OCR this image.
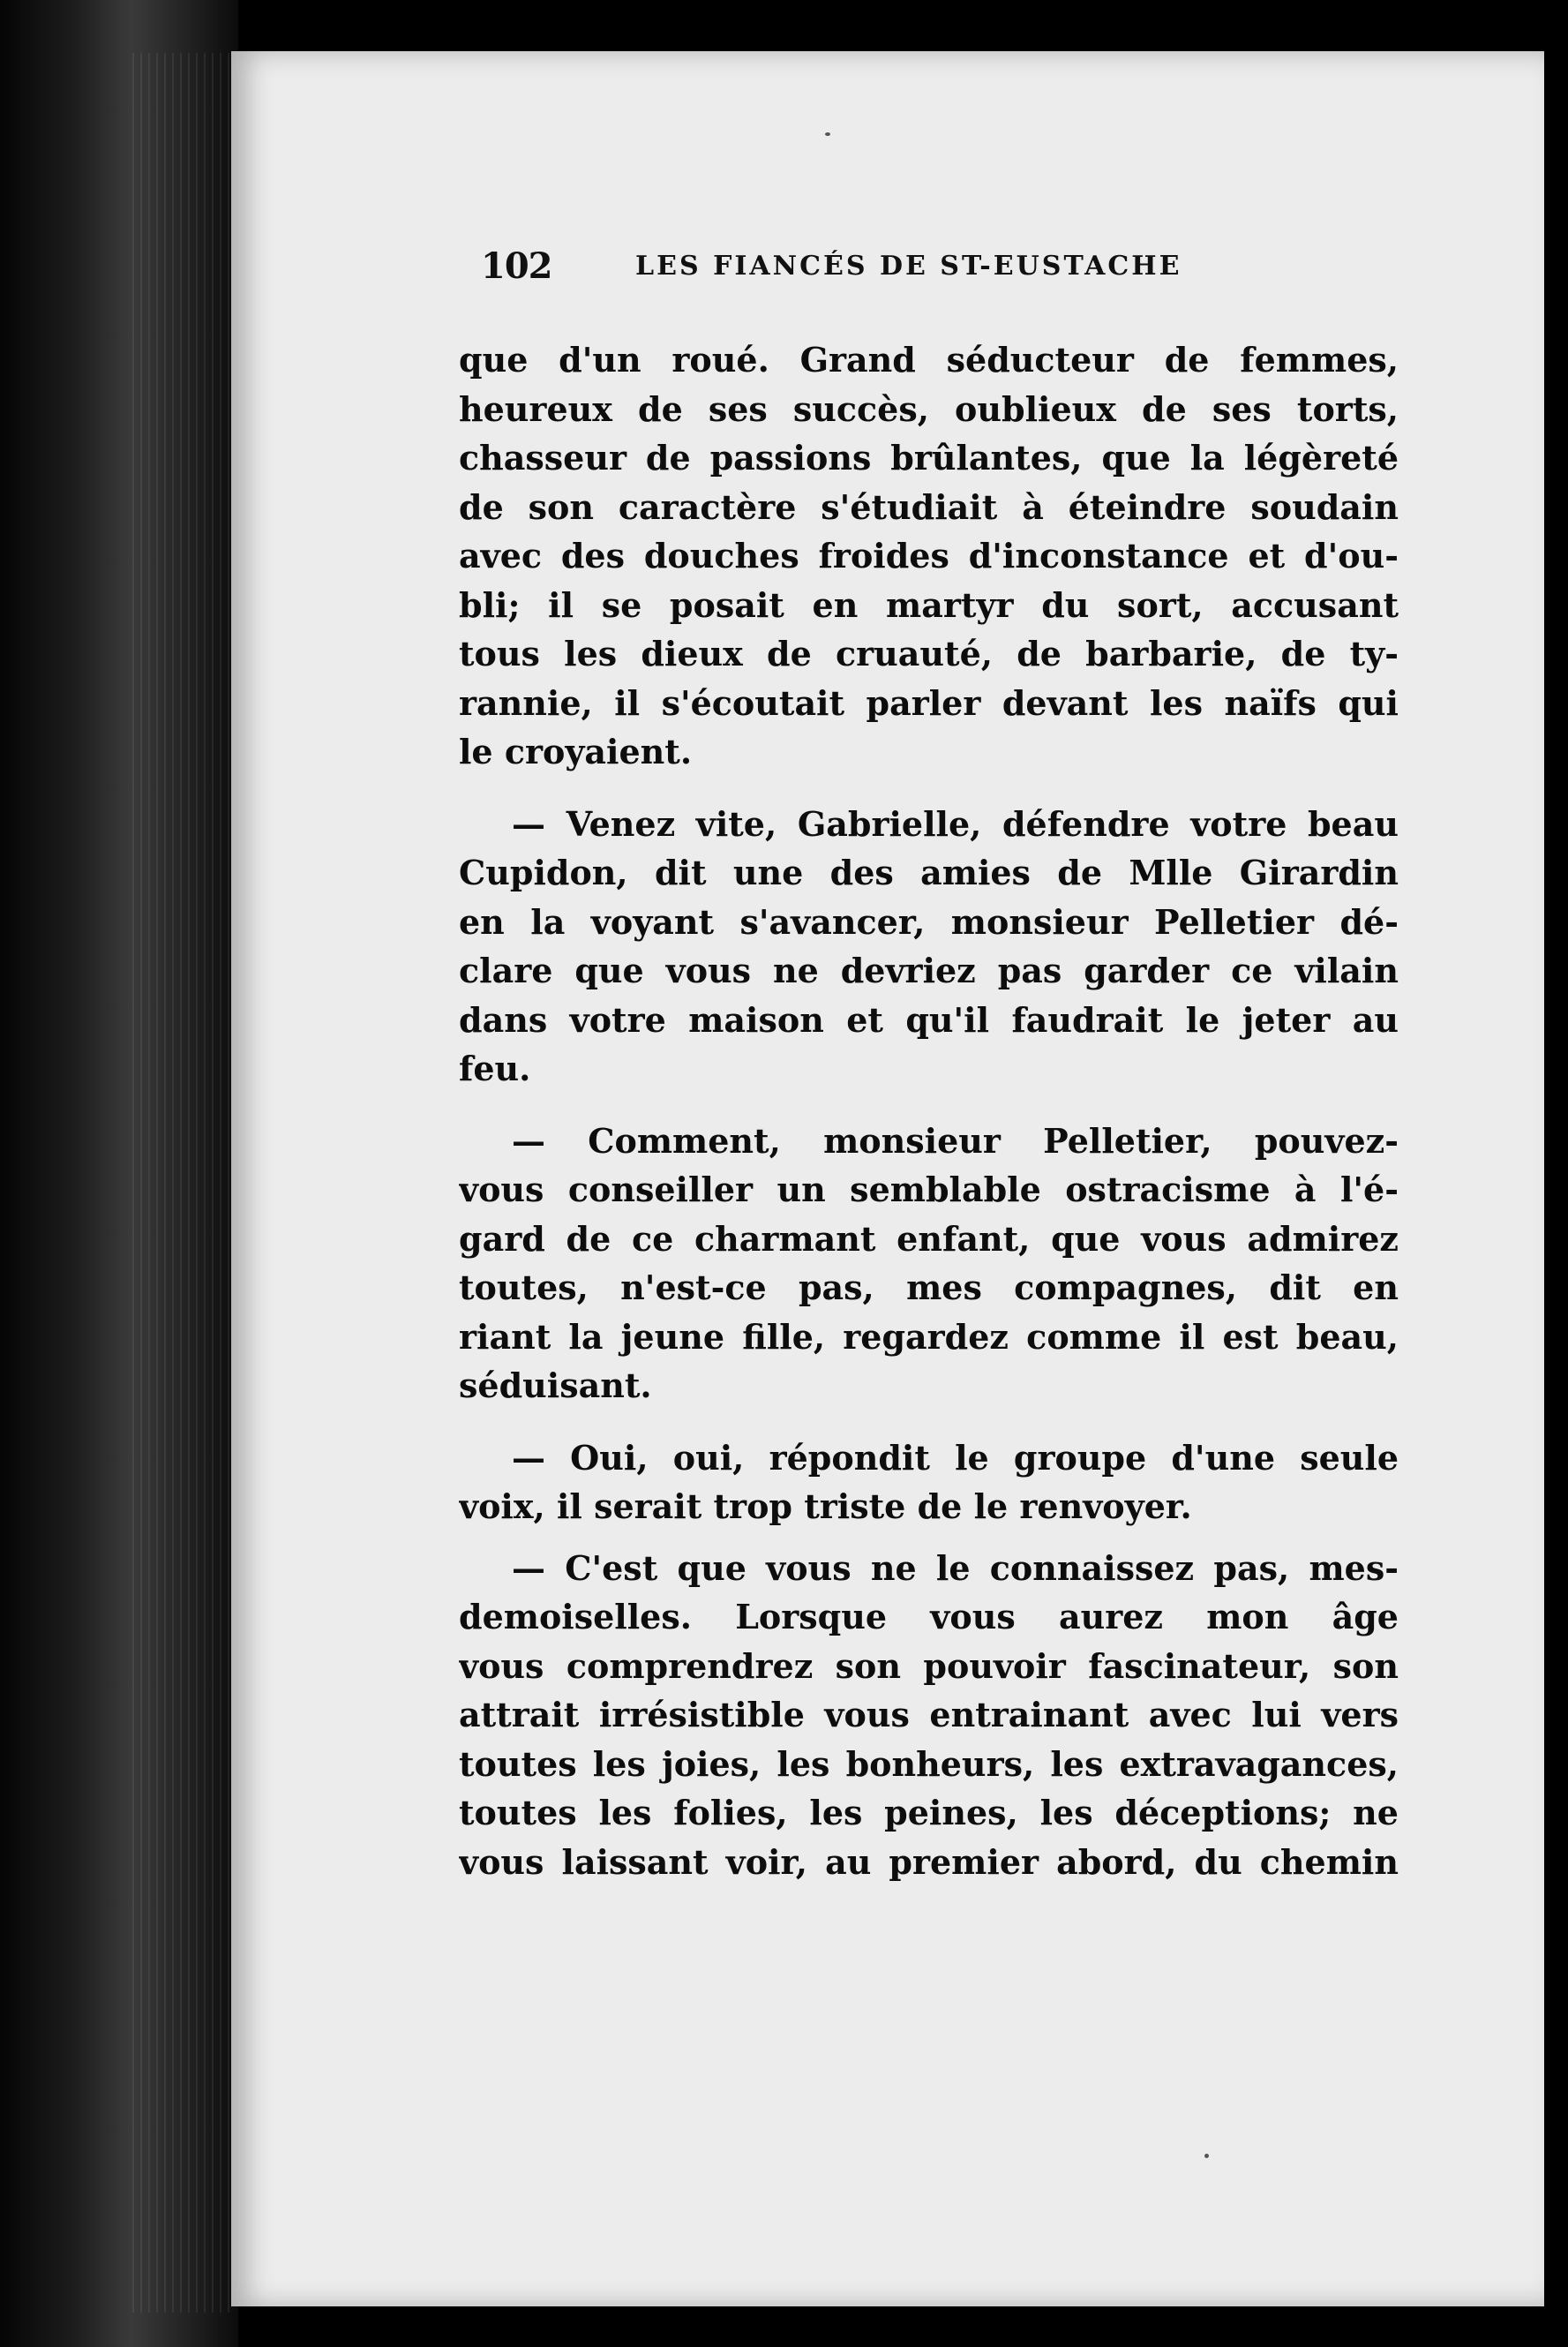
102	LES FIANCÉS DE ST-EUSTACHE
que d'un roué. Grand séducteur de femmes,
heureux de ses succès, oublieux de ses torts,
chasseur de passions brûlantes, que la légèreté
de son caractère s'étudiait à éteindre soudain
avec des douches froides d'inconstance et d'ou-
bli; il se posait en martyr du sort, accusant
tous les dieux de cruauté, de barbarie, de ty-
rannie, il s'écoutait parler devant les naïfs qui
le croyaient.
— Venez vite, Gabrielle, défendre votre beau
Cupidon, dit une des amies de Mlle Girardin
en la voyant s'avancer, monsieur Pelletier dé-
clare que vous ne devriez pas garder ce vilain
dans votre maison et qu'il faudrait le jeter au
feu.
— Comment, monsieur Pelletier, pouvez-
vous conseiller un semblable ostracisme à l'é-
gard de ce charmant enfant, que vous admirez
toutes, n'est-ce pas, mes compagnes, dit en
riant la jeune fille, regardez comme il est beau,
séduisant.
— Oui, oui, répondit le groupe d'une seule
voix, il serait trop triste de le renvoyer.
— C'est que vous ne le connaissez pas, mes-
demoiselles. Lorsque vous aurez mon âge
vous comprendrez son pouvoir fascinateur, son
attrait irrésistible vous entrainant avec lui vers
toutes les joies, les bonheurs, les extravagances,
toutes les folies, les peines, les déceptions; ne
vous laissant voir, au premier abord, du chemin
